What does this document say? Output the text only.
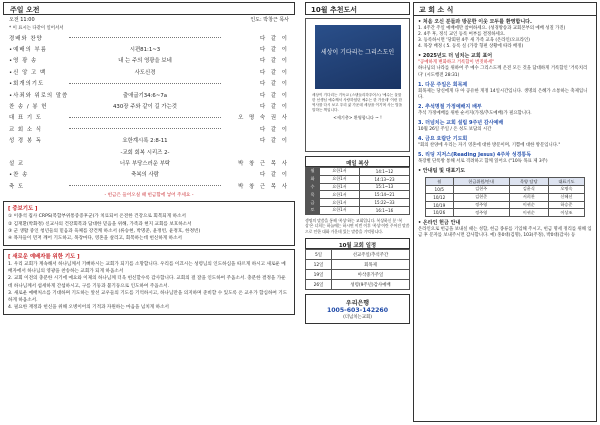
주일 오전
오전 11:00	인도: 박창근 목사
* 이 표시는 다같이 일어서서
경배와 찬양	다 같 이
•예배의 부름	시편81:1~3	다 같 이
•영 광 송	내 는 주의 영광을 보네	다 같 이
•신 앙 고 백	사도신경	다 같 이
•회개의기도	다 같 이
•사죄와 위로의 말씀	출애굽기34:6~7a	다 같 이
찬 송 / 봉 헌	430장 주와 같이 길 가는것	다 같 이
대 표 기 도	오 명 숙 권 사
교 회 소 식	다 같 이
성 경 봉 독	요한계시록 2:8-11	다 같 이
-교회 회복 시리즈 2-
설 교	너무 부당스러운 부탁	박 창 근 목 사
•찬 송	축복의 사람	다 같 이
축 도	박 창 근 목 사
- 헌금은 들어오실 때 헌금함에 넣어 주세요 -
[ 중보기도 ]
① 이종석 집사 CRPS(복합부위통증증후군)가 치료되어 온전한 건강으로 회복되게 하소서
② 김재환(박화정) 신교사의 건강회복과 담대한 믿음을 위해, 가족과 현지 교회를 보호하소서
③ 군 생활 중인 청년들의 믿음과 육체를 강건케 하소서 (류승현, 박명준, 윤정빈, 윤정호, 한정빈)
④ 목자들이 먼저 깨어 기도하고, 목장마다, 영혼을 살리고, 회복하는데 헌신하게 하소서
[ 새로운 예배자를 위한 기도 ]
1. 우리 교회가 계속해서 하나님께서 기뻐하시는 교회가 되기를 소망합니다. 우리를 이끄시는 성령님의 인도하심을 따르게 하시고 새로운 예배자에서 하나님의 영광을 찬송하는 교회가 되게 하옵소서
2. 교회 이전의 충분한 시기에 예요와 이제의 하나님께 더욱 헌신할수록 감사합니다. 교회의 걸 잘을 인도하여 주옵소서. 충분한 결정을 가운데 하나님께서 섭세하게 간섭하시고, 구름 기둥과 불기둥으로 인도하여 주옵소서.
3. 새로운 예배처소를 기대하며 기도하는 앞선 교우들의 기도를 기억하시고, 하나님만을 의지하며 준비할 수 있도록 온 교우가 합심하여 기도하게 하옵소서.
4. 필요한 재정과 헌신을 위해 오병이어의 기적과 자원하는 마음을 넘치게 하소서
10월 추천도서
세상이 기다리는 그리스도인
세상이 기다리는 기독교 (스탠들리하우어스) '예수는 훌륭한 선생님 예수께서 사랑하셨던 예수는 한 가운데' 이런 한 역사를 다시 보고 우리 삶 가운데 세상을 이기며 사는 법을 말하는 책입니다.
<세기총> 환영합니다 ~ !
매일 복상
월	요한1서	14:1~12
화	요한1서	14:13~23
수	요한1서	15:1~13
목	요한1서	15:14~21
금	요한1서	15:22~33
토	요한1서	16:1~16
생명의 말씀을 통해 '복상'하는 교회입니다. 복상하신 분 '복상'은 너희는 하늘에는 하시면 이번 이후 '복상'이란 주어진 말씀으로 인한 대화 가운데 있는 말씀을 기억합니다.
10월 교회 일정
5일	선교주일/추석주간
12일	회목제
19일	아삭중가주일
26일	성령(9주년)감사예배
우리은행
1005-603-142260
(더넘치는교회)
교 회 소 식
• 처음 오신 분들과 방문한 이웃 모두를 환영합니다.
1. 4주간 주일 예배에만 참여하세요. (성경방송과 교회본부의 예배 성칠 가진)
2. 4주 후, 정식 교인 등록 여부를 결정하세요.
3. 등록하시면 '당회원 4주 새 가족 교육 (온라인/오프라인)
4. 목장 배정 ( 5. 등록 실 (가장 형편 상황에 따라 배정)
• 2025년도 더 넘치는 교회 표어
"공예하게 변화하고 거룩함이 번짓하세"
하나님의 나라를 위하여 주 예수 그리스도께 온전 모든 것을 담대하게 거룩함인 '거룩치리다' (시도행전 28:31)
1. 다문 주일은 회목제
회목제는 당신에게 다 아 공유한 게정 14일시간입니다. 생명의 은혜가 소통하는 축제입니다.
2. 추석명절 가정예배지 배부
추석 가정예배를 위한 순서지(가정/추도예배)가 필요합니다.
3. 더넘치는 교회 설립 9주년 감사예배
10월 26일 주일 / 온 성도 보답의 시간
4. 금요 요람단 기도회
"회의 찬양에 우리는 자기 영혼에 대한 방문이며, 기쁨에 대한 방문입니다."
5. 리딩 지저스(Reading Jesus) 4주차 성경통독
목장별 단톡방 통해 서로 격려하고 함께 읽어요 ("10독 목표 제 3주)
• 안내팀 및 대표기도
월	헌금위원/안내	목양 담당	대표기도
10/5	김현주	김윤식	오명숙
10/12	김현준	서희찬	신혜선
10/19	정주영	이귀순	하승준
10/26	정주영	이귀순	이상조
• 온라인 헌금 안내
온라인으로 헌금을 보내실 때는 성함, 헌금 종류를 기입해 주시고, 헌금 명세 정리를 위해 입금 후 문자를 보내주시면 감사합니다. 예) 홍0대(김명), 103(주정), 박0대(감사) 등
